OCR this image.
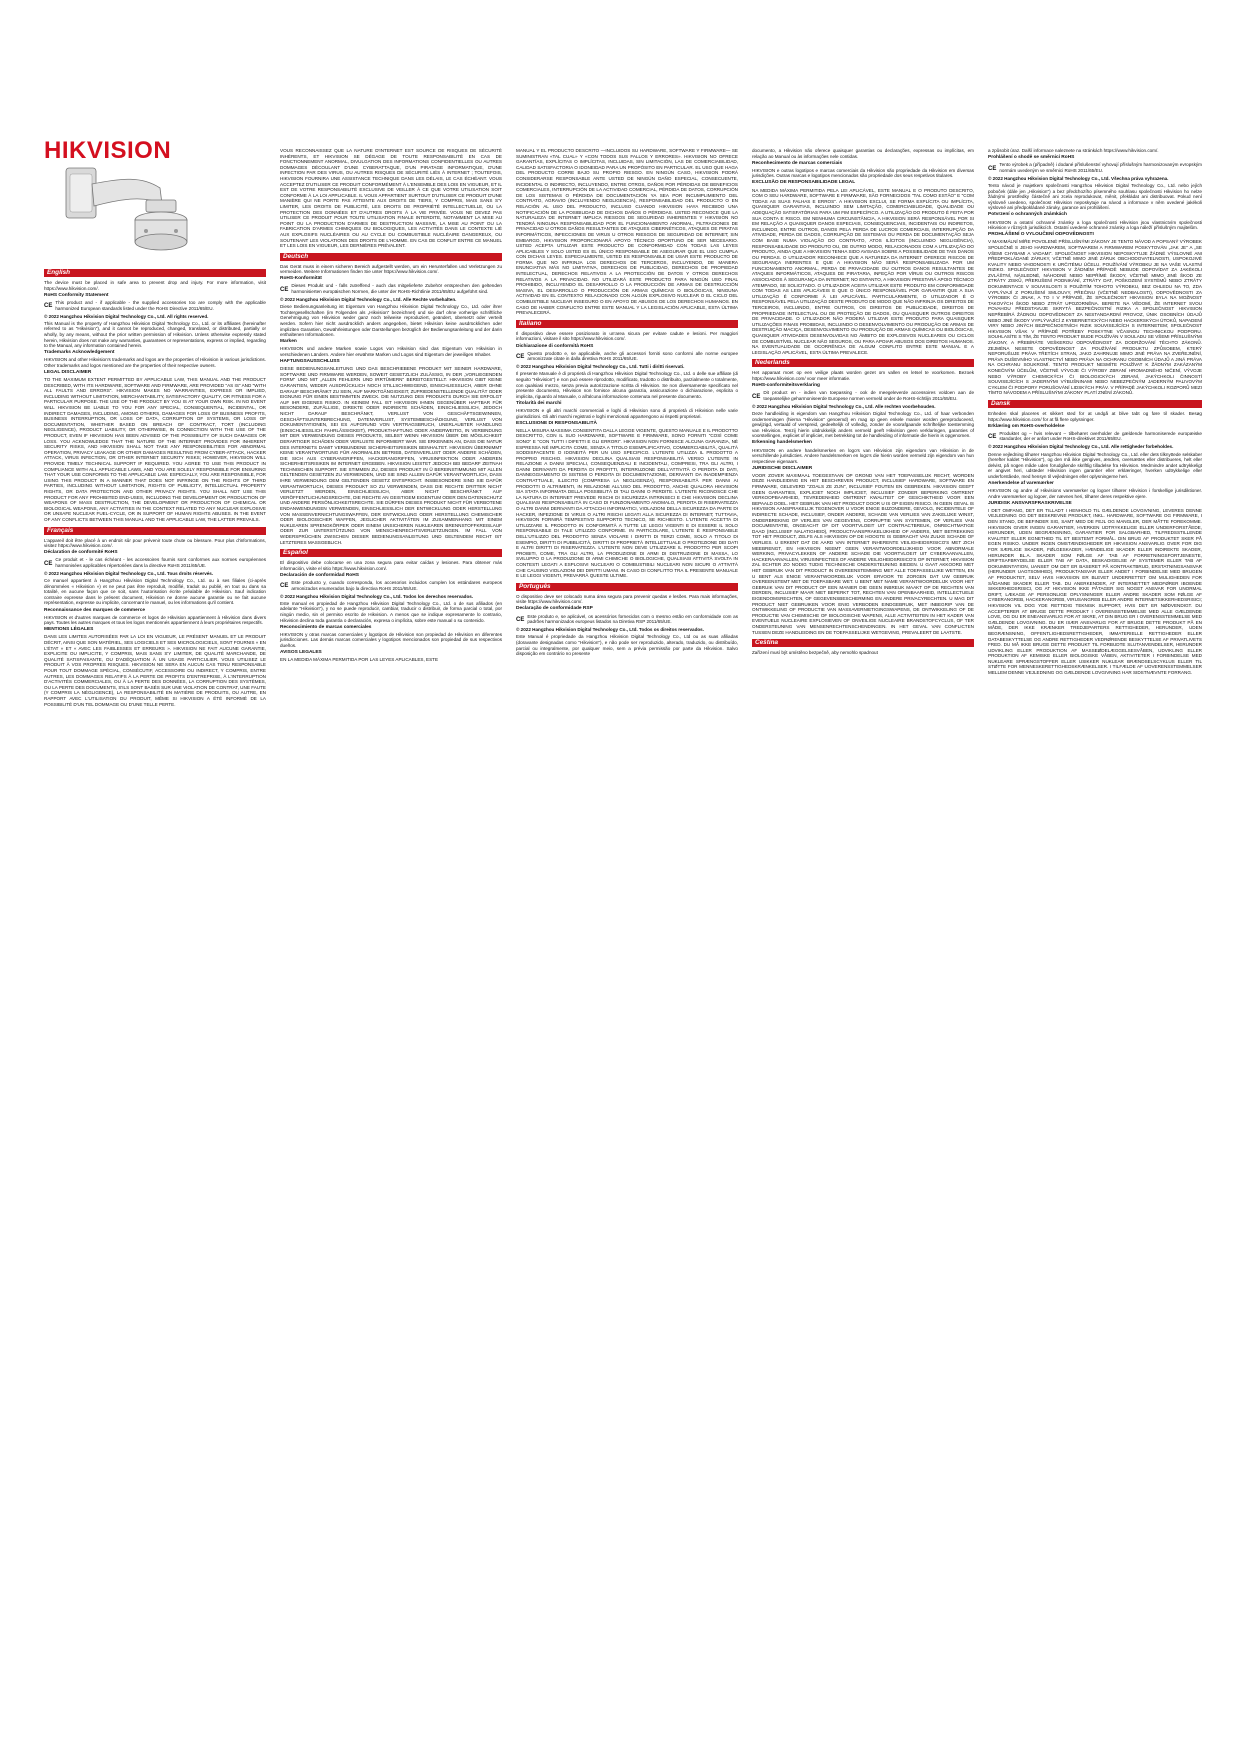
HIKVISION
English

The device must be placed in safe area to prevent drop and injury. For more information, visit https://www.hikvision.com/.

RoHS Conformity Statement

CE

This product and - if applicable - the supplied accessories too are comply with the applicable harmonized European standards listed under the RoHS Directive 2011/65/EU.

© 2022 Hangzhou Hikvision Digital Technology Co., Ltd. All rights reserved.

This Manual is the property of Hangzhou Hikvision Digital Technology Co., Ltd. or its affiliates (hereinafter referred to as "Hikvision"), and it cannot be reproduced, changed, translated, or distributed, partially or wholly, by any means, without the prior written permission of Hikvision. Unless otherwise expressly stated herein, Hikvision does not make any warranties, guarantees or representations, express or implied, regarding to the Manual, any information contained herein.

Trademarks Acknowledgement

HIKVISION and other Hikvision's trademarks and logos are the properties of Hikvision in various jurisdictions. Other trademarks and logos mentioned are the properties of their respective owners.

LEGAL DISCLAIMER

TO THE MAXIMUM EXTENT PERMITTED BY APPLICABLE LAW, THIS MANUAL AND THE PRODUCT DESCRIBED, WITH ITS HARDWARE, SOFTWARE AND FIRMWARE, ARE PROVIDED "AS IS" AND "WITH ALL FAULTS AND ERRORS". HIKVISION MAKES NO WARRANTIES, EXPRESS OR IMPLIED, INCLUDING WITHOUT LIMITATION, MERCHANTABILITY, SATISFACTORY QUALITY, OR FITNESS FOR A PARTICULAR PURPOSE. THE USE OF THE PRODUCT BY YOU IS AT YOUR OWN RISK. IN NO EVENT WILL HIKVISION BE LIABLE TO YOU FOR ANY SPECIAL, CONSEQUENTIAL, INCIDENTAL, OR INDIRECT DAMAGES, INCLUDING, AMONG OTHERS, DAMAGES FOR LOSS OF BUSINESS PROFITS, BUSINESS INTERRUPTION, OR LOSS OF DATA, CORRUPTION OF SYSTEMS, OR LOSS OF DOCUMENTATION, WHETHER BASED ON BREACH OF CONTRACT, TORT (INCLUDING NEGLIGENCE), PRODUCT LIABILITY, OR OTHERWISE, IN CONNECTION WITH THE USE OF THE PRODUCT, EVEN IF HIKVISION HAS BEEN ADVISED OF THE POSSIBILITY OF SUCH DAMAGES OR LOSS. YOU ACKNOWLEDGE THAT THE NATURE OF THE INTERNET PROVIDES FOR INHERENT SECURITY RISKS, AND HIKVISION SHALL NOT TAKE ANY RESPONSIBILITIES FOR ABNORMAL OPERATION, PRIVACY LEAKAGE OR OTHER DAMAGES RESULTING FROM CYBER-ATTACK, HACKER ATTACK, VIRUS INFECTION, OR OTHER INTERNET SECURITY RISKS; HOWEVER, HIKVISION WILL PROVIDE TIMELY TECHNICAL SUPPORT IF REQUIRED. YOU AGREE TO USE THIS PRODUCT IN COMPLIANCE WITH ALL APPLICABLE LAWS, AND YOU ARE SOLELY RESPONSIBLE FOR ENSURING THAT YOUR USE CONFORMS TO THE APPLICABLE LAW. ESPECIALLY, YOU ARE RESPONSIBLE, FOR USING THIS PRODUCT IN A MANNER THAT DOES NOT INFRINGE ON THE RIGHTS OF THIRD PARTIES, INCLUDING WITHOUT LIMITATION, RIGHTS OF PUBLICITY, INTELLECTUAL PROPERTY RIGHTS, OR DATA PROTECTION AND OTHER PRIVACY RIGHTS. YOU SHALL NOT USE THIS PRODUCT FOR ANY PROHIBITED END-USES, INCLUDING THE DEVELOPMENT OR PRODUCTION OF WEAPONS OF MASS DESTRUCTION, THE DEVELOPMENT OR PRODUCTION OF CHEMICAL OR BIOLOGICAL WEAPONS, ANY ACTIVITIES IN THE CONTEXT RELATED TO ANY NUCLEAR EXPLOSIVE OR UNSAFE NUCLEAR FUEL-CYCLE, OR IN SUPPORT OF HUMAN RIGHTS ABUSES. IN THE EVENT OF ANY CONFLICTS BETWEEN THIS MANUAL AND THE APPLICABLE LAW, THE LATTER PREVAILS.

Français

L'appareil doit être placé à un endroit sûr pour prévenir toute chute ou blessure. Pour plus d'informations, visitez https://www.hikvision.com/.

Déclaration de conformité RoHS

CE

Ce produit et - le cas échéant - les accessoires fournis sont conformes aux normes européennes harmonisées applicables répertoriées dans la directive RoHS 2011/65/UE.

© 2022 Hangzhou Hikvision Digital Technology Co., Ltd. Tous droits réservés.

Ce manuel appartient à Hangzhou Hikvision Digital Technology Co., Ltd. ou à ses filiales (ci-après dénommées « Hikvision ») et ne peut pas être reproduit, modifié, traduit ou publié, en tout ou dans sa totalité, en aucune façon que ce soit, sans l'autorisation écrite préalable de Hikvision. Sauf indication contraire expresse dans le présent document, Hikvision ne donne aucune garantie ou ne fait aucune représentation, expresse ou implicite, concernant le manuel, ou les informations qu'il contient.

Reconnaissance des marques de commerce

HIKVISION et d'autres marques de commerce et logos de Hikvision appartiennent à Hikvision dans divers pays. Toutes les autres marques et tous les logos mentionnés appartiennent à leurs propriétaires respectifs.

MENTIONS LÉGALES

DANS LES LIMITES AUTORISÉES PAR LA LOI EN VIGUEUR, LE PRÉSENT MANUEL ET LE PRODUIT DÉCRIT, AINSI QUE SON MATÉRIEL, SES LOGICIELS ET SES MICROLOGICIELS, SONT FOURNIS « EN L'ÉTAT » ET « AVEC LES FAIBLESSES ET ERREURS ». HIKVISION NE FAIT AUCUNE GARANTIE, EXPLICITE OU IMPLICITE, Y COMPRIS, MAIS SANS S'Y LIMITER, DE QUALITÉ MARCHANDE, DE QUALITÉ SATISFAISANTE, OU D'ADÉQUATION À UN USAGE PARTICULIER. VOUS UTILISEZ LE PRODUIT À VOS PROPRES RISQUES. HIKVISION NE SERA EN AUCUN CAS TENU RESPONSABLE POUR TOUT DOMMAGE SPÉCIAL, CONSÉCUTIF, ACCESSOIRE OU INDIRECT, Y COMPRIS, ENTRE AUTRES, LES DOMMAGES RELATIFS À LA PERTE DE PROFITS D'ENTREPRISE, À L'INTERRUPTION D'ACTIVITÉS COMMERCIALES, OU À LA PERTE DES DONNÉES, LA CORRUPTION DES SYSTÈMES, OU LA PERTE DES DOCUMENTS, S'ILS SONT BASÉS SUR UNE VIOLATION DE CONTRAT, UNE FAUTE (Y COMPRIS LA NÉGLIGENCE), LA RESPONSABILITÉ EN MATIÈRE DE PRODUITS, OU AUTRE, EN RAPPORT AVEC L'UTILISATION DU PRODUIT, MÊME SI HIKVISION A ÉTÉ INFORMÉ DE LA POSSIBILITÉ D'UN TEL DOMMAGE OU D'UNE TELLE PERTE.

VOUS RECONNAISSEZ QUE LA NATURE D'INTERNET EST SOURCE DE RISQUES DE SÉCURITÉ INHÉRENTS, ET HIKVISION SE DÉGAGE DE TOUTE RESPONSABILITÉ EN CAS DE FONCTIONNEMENT ANORMAL, DIVULGATION DES INFORMATIONS CONFIDENTIELLES OU AUTRES DOMMAGES DÉCOULANT D'UNE CYBERATTAQUE, D'UN PIRATAGE INFORMATIQUE, D'UNE INFECTION PAR DES VIRUS, OU AUTRES RISQUES DE SÉCURITÉ LIÉS À INTERNET ; TOUTEFOIS, HIKVISION FOURNIRA UNE ASSISTANCE TECHNIQUE DANS LES DÉLAIS, LE CAS ÉCHÉANT. VOUS ACCEPTEZ D'UTILISER CE PRODUIT CONFORMÉMENT À L'ENSEMBLE DES LOIS EN VIGUEUR, ET IL EST DE VOTRE RESPONSABILITÉ EXCLUSIVE DE VEILLER À CE QUE VOTRE UTILISATION SOIT CONFORME À LA LOI APPLICABLE. IL VOUS APPARTIENT SURTOUT D'UTILISER CE PRODUIT D'UNE MANIÈRE QUI NE PORTE PAS ATTEINTE AUX DROITS DE TIERS, Y COMPRIS, MAIS SANS S'Y LIMITER, LES DROITS DE PUBLICITÉ, LES DROITS DE PROPRIÉTÉ INTELLECTUELLE, OU LA PROTECTION DES DONNÉES ET D'AUTRES DROITS À LA VIE PRIVÉE. VOUS NE DEVEZ PAS UTILISER CE PRODUIT POUR TOUTE UTILISATION FINALE INTERDITE, NOTAMMENT LA MISE AU POINT OU LA PRODUCTION D'ARMES DE DESTRUCTION MASSIVE, LA MISE AU POINT OU LA FABRICATION D'ARMES CHIMIQUES OU BIOLOGIQUES, LES ACTIVITÉS DANS LE CONTEXTE LIÉ AUX EXPLOSIFS NUCLÉAIRES OU AU CYCLE DU COMBUSTIBLE NUCLÉAIRE DANGEREUX, OU SOUTENANT LES VIOLATIONS DES DROITS DE L'HOMME. EN CAS DE CONFLIT ENTRE CE MANUEL ET LES LOIS EN VIGUEUR, LES DERNIÈRES PRÉVALENT.

Deutsch

Das Gerät muss in einem sicheren Bereich aufgestellt werden, um ein Herunterfallen und Verletzungen zu vermeiden. Weitere Informationen finden Sie unter https://www.hikvision.com/.

RoHS-Konformität

CE

Dieses Produkt und - falls zutreffend - auch das mitgelieferte Zubehör entsprechen den geltenden harmonisierten europäischen Normen, die unter der RoHS-Richtlinie 2011/65/EU aufgeführt sind.

© 2022 Hangzhou Hikvision Digital Technology Co., Ltd. Alle Rechte vorbehalten.

Diese Bedienungsanleitung ist Eigentum von Hangzhou Hikvision Digital Technology Co., Ltd. oder ihrer Tochtergesellschaften (im Folgenden als „Hikvision" bezeichnet) und sie darf ohne vorherige schriftliche Genehmigung von Hikvision weder ganz noch teilweise reproduziert, geändert, übersetzt oder verteilt werden. Sofern hier nicht ausdrücklich anders angegeben, bietet Hikvision keine ausdrücklichen oder impliziten Garantien, Gewährleistungen oder Darstellungen bezüglich der Bedienungsanleitung und der darin enthaltenen Informationen.

Marken

HIKVISION und andere Marken sowie Logos von Hikvision sind das Eigentum von Hikvision in verschiedenen Ländern. Andere hier erwähnte Marken und Logos sind Eigentum der jeweiligen Inhaber.

HAFTUNGSAUSSCHLUSS

DIESE BEDIENUNGSANLEITUNG UND DAS BESCHRIEBENE PRODUKT MIT SEINER HARDWARE, SOFTWARE UND FIRMWARE WERDEN, SOWEIT GESETZLICH ZULÄSSIG, IN DER „VORLIEGENDEN FORM" UND MIT „ALLEN FEHLERN UND IRRTÜMERN" BEREITGESTELLT. HIKVISION GIBT KEINE GARANTIEN, WEDER AUSDRÜCKLICH NOCH STILLSCHWEIGEND, EINSCHLIESSLICH, ABER OHNE DARAUF BESCHRÄNKT ZU SEIN, AUF MARKTGÄNGIGKEIT, ZUFRIEDENSTELLENDE QUALITÄT ODER EIGNUNG FÜR EINEN BESTIMMTEN ZWECK. DIE NUTZUNG DES PRODUKTS DURCH SIE ERFOLGT AUF IHR EIGENES RISIKO. IN KEINEM FALL IST HIKVISION IHNEN GEGENÜBER HAFTBAR FÜR BESONDERE, ZUFÄLLIGE, DIREKTE ODER INDIREKTE SCHÄDEN, EINSCHLIESSLICH, JEDOCH NICHT DARAUF BESCHRÄNKT, VERLUST VON GESCHÄFTSGEWINNEN, GESCHÄFTSUNTERBRECHUNG, DATENVERLUST, SYSTEMBESCHÄDIGUNG, VERLUST VON DOKUMENTATIONEN, SEI ES AUFGRUND VON VERTRAGSBRUCH, UNERLAUBTER HANDLUNG (EINSCHLIESSLICH FAHRLÄSSIGKEIT), PRODUKTHAFTUNG ODER ANDERWEITIG, IN VERBINDUNG MIT DER VERWENDUNG DIESES PRODUKTS, SELBST WENN HIKVISION ÜBER DIE MÖGLICHKEIT DERARTIGER SCHÄDEN ODER VERLUSTE INFORMIERT WAR. SIE ERKENNEN AN, DASS DIE NATUR DES INTERNETS DAMIT VERBUNDENE SICHERHEITSRISIKEN BEINHALTET. HIKVISION ÜBERNIMMT KEINE VERANTWORTUNG FÜR ANORMALEN BETRIEB, DATENVERLUST ODER ANDERE SCHÄDEN, DIE SICH AUS CYBERANGRIFFEN, HACKERANGRIFFEN, VIRUSINFEKTION ODER ANDEREN SICHERHEITSRISIKEN IM INTERNET ERGEBEN. HIKVISION LEISTET JEDOCH BEI BEDARF ZEITNAH TECHNISCHEN SUPPORT. SIE STIMMEN ZU, DIESES PRODUKT IN Ü BEREINSTIMMUNG MIT ALLEN GELTENDEN GESETZEN ZU VERWENDEN, UND SIE SIND ALLEIN DAFÜR VERANTWORTLICH, DASS IHRE VERWENDUNG DEM GELTENDEN GESETZ ENTSPRICHT. INSBESONDERE SIND SIE DAFÜR VERANTWORTLICH, DIESES PRODUKT SO ZU VERWENDEN, DASS DIE RECHTE DRITTER NICHT VERLETZT WERDEN, EINSCHLIESSLICH, ABER NICHT BESCHRÄNKT AUF VERÖFFENTLICHUNGSRECHTE, DIE RECHTE AN GEISTIGEM EIGENTUM ODER DEN DATENSCHUTZ UND ANDERE PERSÖNLICHKEITSRECHTE. SIE DÜRFEN DIESES PRODUKT NICHT FÜR VERBOTENE ENDANWENDUNGEN VERWENDEN, EINSCHLIESSLICH DER ENTWICKLUNG ODER HERSTELLUNG VON MASSENVERNICHTUNGSWAFFEN, DER ENTWICKLUNG ODER HERSTELLUNG CHEMISCHER ODER BIOLOGISCHER WAFFEN, JEGLICHER AKTIVITÄTEN IM ZUSAMMENHANG MIT EINEM NUKLEAREN SPRENGKÖRPER ODER EINEM UNSICHEREN NUKLEAREN BRENNSTOFFKREISLAUF ODER ZUR UNTERSTÜTZUNG VON MENSCHENRECHTSVERLETZUNGEN. IM FALL VON WIDERSPRÜCHEN ZWISCHEN DIESER BEDIENUNGSANLEITUNG UND GELTENDEM RECHT IST LETZTERES MASSGEBLICH.

Español

El dispositivo debe colocarse en una zona segura para evitar caídas y lesiones. Para obtener más información, visite el sitio https://www.hikvision.com/.

Declaración de conformidad RoHS

CE

Este producto y, cuando corresponda, los accesorios incluidos cumplen los estándares europeos armonizados enumerados bajo la directiva RoHS 2011/65/UE.

© 2022 Hangzhou Hikvision Digital Technology Co., Ltd. Todos los derechos reservados.

Este manual es propiedad de Hangzhou Hikvision Digital Technology Co., Ltd. o de sus afiliados (en adelante "Hikvision"), y no se puede reproducir, cambiar, traducir o distribuir, de forma parcial o total, por ningún medio, sin el permiso escrito de Hikvision. A menos que se indique expresamente lo contrario, Hikvision declina toda garantía o declaración, expresa o implícita, sobre este manual o su contenido.

Reconocimiento de marcas comerciales

HIKVISION y otras marcas comerciales y logotipos de Hikvision son propiedad de Hikvision en diferentes jurisdicciones. Las demás marcas comerciales y logotipos mencionados son propiedad de sus respectivos dueños.

AVISOS LEGALES

EN LA MEDIDA MÁXIMA PERMITIDA POR LAS LEYES APLICABLES, ESTE

MANUAL Y EL PRODUCTO DESCRITO —INCLUIDOS SU HARDWARE, SOFTWARE Y FIRMWARE— SE SUMINISTRAN «TAL CUAL» Y «CON TODOS SUS FALLOS Y ERRORES». HIKVISION NO OFRECE GARANTÍAS, EXPLÍCITAS O IMPLÍCITAS, INCLUIDAS, SIN LIMITACIÓN, LAS DE COMERCIABILIDAD, CALIDAD SATISFACTORIA O IDONEIDAD PARA UN PROPÓSITO EN PARTICULAR. EL USO QUE HAGA DEL PRODUCTO CORRE BAJO SU PROPIO RIESGO. EN NINGÚN CASO, HIKVISION PODRÁ CONSIDERARSE RESPONSABLE ANTE USTED DE NINGÚN DAÑO ESPECIAL, CONSECUENTE, INCIDENTAL O INDIRECTO, INCLUYENDO, ENTRE OTROS, DAÑOS POR PÉRDIDAS DE BENEFICIOS COMERCIALES, INTERRUPCIÓN DE LA ACTIVIDAD COMERCIAL, PÉRDIDA DE DATOS, CORRUPCIÓN DE LOS SISTEMAS O PÉRDIDA DE DOCUMENTACIÓN YA SEA POR INCUMPLIMIENTO DEL CONTRATO, AGRAVIO (INCLUYENDO NEGLIGENCIA), RESPONSABILIDAD DEL PRODUCTO O EN RELACIÓN AL USO DEL PRODUCTO, INCLUSO CUANDO HIKVISION HAYA RECIBIDO UNA NOTIFICACIÓN DE LA POSIBILIDAD DE DICHOS DAÑOS O PÉRDIDAS. USTED RECONOCE QUE LA NATURALEZA DE INTERNET IMPLICA RIESGOS DE SEGURIDAD INHERENTES Y HIKVISION NO TENDRÁ NINGUNA RESPONSABILIDAD POR EL FUNCIONAMIENTO ANORMAL, FILTRACIONES DE PRIVACIDAD U OTROS DAÑOS RESULTANTES DE ATAQUES CIBERNÉTICOS, ATAQUES DE PIRATAS INFORMÁTICOS, INFECCIONES DE VIRUS U OTROS RIESGOS DE SEGURIDAD DE INTERNET; SIN EMBARGO, HIKVISION PROPORCIONARÁ APOYO TÉCNICO OPORTUNO DE SER NECESARIO. USTED ACEPTA UTILIZAR ESTE PRODUCTO DE CONFORMIDAD CON TODAS LAS LEYES APLICABLES Y SOLO USTED ES EL ÚNICO RESPONSABLE DE ASEGURAR QUE EL USO CUMPLA CON DICHAS LEYES. ESPECIALMENTE, USTED ES RESPONSABLE DE USAR ESTE PRODUCTO DE FORMA QUE NO INFRINJA LOS DERECHOS DE TERCEROS, INCLUYENDO, DE MANERA ENUNCIATIVA MÁS NO LIMITATIVA, DERECHOS DE PUBLICIDAD, DERECHOS DE PROPIEDAD INTELECTUAL, DERECHOS RELATIVOS A LA PROTECCIÓN DE DATOS Y OTROS DERECHOS RELATIVOS A LA PRIVACIDAD. NO UTILIZARÁ ESTE PRODUCTO PARA NINGÚN USO FINAL PROHIBIDO, INCLUYENDO EL DESARROLLO O LA PRODUCCIÓN DE ARMAS DE DESTRUCCIÓN MASIVA, EL DESARROLLO O PRODUCCIÓN DE ARMAS QUÍMICAS O BIOLÓGICAS, NINGUNA ACTIVIDAD EN EL CONTEXTO RELACIONADO CON ALGÚN EXPLOSIVO NUCLEAR O EL CICLO DEL COMBUSTIBLE NUCLEAR INSEGURO O EN APOYO DE ABUSOS DE LOS DERECHOS HUMANOS. EN CASO DE HABER CONFLICTO ENTRE ESTE MANUAL Y LA LEGISLACIÓN APLICABLE, ESTA ÚLTIMA PREVALECERÁ.

Italiano

Il dispositivo deve essere posizionato in un'area sicura per evitare cadute e lesioni. Per maggiori informazioni, visitare il sito https://www.hikvision.com/.

Dichiarazione di conformità RoHS

CE

Questo prodotto e, se applicabile, anche gli accessori forniti sono conformi alle norme europee armonizzate citate in dalla direttiva RoHS 2011/65/UE.

© 2022 Hangzhou Hikvision Digital Technology Co., Ltd. Tutti i diritti riservati.

Il presente Manuale è di proprietà di Hangzhou Hikvision Digital Technology Co., Ltd. o delle sue affiliate (di seguito "Hikvision") e non può essere riprodotto, modificato, tradotto o distribuito, parzialmente o totalmente, con qualsiasi mezzo, senza previa autorizzazione scritta di Hikvision. Se non diversamente specificato nel presente documento, Hikvision non fornisce alcuna garanzia, assicurazione o dichiarazione, esplicita o implicita, riguardo al Manuale, o all'alcuna informazione contenuta nel presente documento.

Titolarità dei marchi

HIKVISION e gli altri marchi commerciali e loghi di Hikvision sono di proprietà di Hikvision nelle varie giurisdizioni. Gli altri marchi registrati e loghi menzionati appartengono ai rispetti proprietari.

ESCLUSIONE DI RESPONSABILITÀ

NELLA MISURA MASSIMA CONSENTITA DALLA LEGGE VIGENTE, QUESTO MANUALE E IL PRODOTTO DESCRITTO, CON IL SUO HARDWARE, SOFTWARE E FIRMWARE, SONO FORNITI "COSÌ COME SONO" E "CON TUTTI I DIFETTI E GLI ERRORI". HIKVISION NON FORNISCE ALCUNA GARANZIA, NÉ ESPRESSA NÉ IMPLICITA COME, SENZA A TITOLO ESEMPLIFICATIVO, COMMERCIABILITÀ, QUALITÀ SODDISFACENTE O IDONEITÀ PER UN USO SPECIFICO. L'UTENTE UTILIZZA IL PRODOTTO A PROPRIO RISCHIO. HIKVISION DECLINA QUALSIASI RESPONSABILITÀ VERSO L'UTENTE IN RELAZIONE A DANNI SPECIALI, CONSEQUENZIALI E INCIDENTALI, COMPRESI, TRA GLI ALTRI, I DANNI DERIVANTI DA PERDITA DI PROFITTI, INTERRUZIONE DELL'ATTIVITÀ O PERDITA DI DATI, DANNEGGIAMENTO DI SISTEMI O PERDITA DI DOCUMENTAZIONE, DERIVANTI DA INADEMPIENZA CONTRATTUALE, ILLECITO (COMPRESA LA NEGLIGENZA), RESPONSABILITÀ PER DANNI AI PRODOTTI O ALTRIMENTI, IN RELAZIONE ALL'USO DEL PRODOTTO, ANCHE QUALORA HIKVISION SIA STATA INFORMATA DELLA POSSIBILITÀ DI TALI DANNI O PERDITE. L'UTENTE RICONOSCE CHE LA NATURA DI INTERNET PREVEDE RISCHI DI SICUREZZA INTRINSECI E CHE HIKVISION DECLINA QUALSIASI RESPONSABILITÀ IN CASO DI FUNZIONAMENTO ANOMALO, PERDITA DI RISERVATEZZA O ALTRI DANNI DERIVANTI DA ATTACCHI INFORMATICI, VIOLAZIONI DELLA SICUREZZA DA PARTE DI HACKER, INFEZIONE DI VIRUS O ALTRI RISCHI LEGATI ALLA SICUREZZA DI INTERNET; TUTTAVIA, HIKVISION FORNIRÀ TEMPESTIVO SUPPORTO TECNICO, SE RICHIESTO. L'UTENTE ACCETTA DI UTILIZZARE IL PRODOTTO IN CONFORMITÀ A TUTTE LE LEGGI VIGENTI E DI ESSERE IL SOLO RESPONSABILE DI TALE UTILIZZO CONFORME. IN PARTICOLARE, L'UTENTE È RESPONSABILE DELL'UTILIZZO DEL PRODOTTO SENZA VIOLARE I DIRITTI DI TERZI COME, SOLO A TITOLO DI ESEMPIO, DIRITTI DI PUBBLICITÀ, DIRITTI DI PROPRIETÀ INTELLETTUALE O PROTEZIONE DEI DATI E ALTRI DIRITTI DI RISERVATEZZA. L'UTENTE NON DEVE UTILIZZARE IL PRODOTTO PER SCOPI PROIBITI, COME, TRA GLI ALTRI, LA PRODUZIONE DI ARMI DI DISTRUZIONE DI MASSA, LO SVILUPPO O LA PRODUZIONE DI ARMI CHIMICHE O BIOLOGICHE, QUALSIASI ATTIVITÀ SVOLTA IN CONTESTI LEGATI A ESPLOSIVI NUCLEARI O COMBUSTIBILI NUCLEARI NON SICURI O ATTIVITÀ CHE CAUSINO VIOLAZIONI DEI DIRITTI UMANI. IN CASO DI CONFLITTO TRA IL PRESENTE MANUALE E LE LEGGI VIGENTI, PREVARRÀ QUESTE ULTIME.

Português

O dispositivo deve ser colocado numa área segura para prevenir quedas e lesões. Para mais informações, visite https://www.hikvision.com/.

Declaração de conformidade RSP

CE

Este produto e, se aplicável, os acessórios fornecidos com o mesmo estão em conformidade com as padrões harmonizados europeus listados na Diretiva RSP 2011/65/UE.

© 2022 Hangzhou Hikvision Digital Technology Co., Ltd. Todos os direitos reservados.

Este Manual é propriedade da Hangzhou Hikvision Digital Technology Co., Ltd ou as suas afiliadas (doravante designadas como "Hikvision"), e não pode ser reproduzido, alterado, traduzido, ou distribuído, parcial ou integralmente, por qualquer meio, sem a prévia permissão por parte da Hikvision. Salvo disposição em contrário no presente

documento, a Hikvision não oferece quaisquer garantias ou declarações, expressas ou implícitas, em relação ao Manual ou às informações nele contidas.

Reconhecimento de marcas comerciais

HIKVISION e outras logotipos e marcas comerciais da Hikvision são propriedade da Hikvision em diversas jurisdições. Outras marcas e logotipos mencionados são propriedade dos seus respetivos titulares.

EXCLUSÃO DE RESPONSABILIDADE LEGAL

NA MEDIDA MÁXIMA PERMITIDA PELA LEI APLICÁVEL, ESTE MANUAL E O PRODUTO DESCRITO, COM O SEU HARDWARE, SOFTWARE E FIRMWARE, SÃO FORNECIDOS "TAL COMO ESTÃO" E "COM TODAS AS SUAS FALHAS E ERROS". A HIKVISION EXCLUI, SE FORMA EXPLÍCITA OU IMPLÍCITA, QUAISQUER GARANTIAS, INCLUINDO SEM LIMITAÇÃO, COMERCIABILIDADE, QUALIDADE OU ADEQUAÇÃO SATISFATÓRIAS PARA UM FIM ESPECÍFICO. A UTILIZAÇÃO DO PRODUTO É FEITA POR SUA CONTA E RISCO. EM NENHUMA CIRCUNSTÂNCIA, A HIKVISION SERÁ RESPONSÁVEL POR SI EM RELAÇÃO A QUAISQUER DANOS ESPECIAIS, CONSEQUENCIAIS, INCIDENTAIS OU INDIRETOS, INCLUINDO, ENTRE OUTROS, DANOS PELA PERDA DE LUCROS COMERCIAIS, INTERRUPÇÃO DA ATIVIDADE, PERDA DE DADOS, CORRUPÇÃO DE SISTEMAS OU PERDA DE DOCUMENTAÇÃO SEJA COM BASE NUMA VIOLAÇÃO DO CONTRATO, ATOS ILÍCITOS (INCLUINDO NEGLIGÊNCIA), RESPONSABILIDADE DO PRODUTO OU, DE OUTRO MODO, RELACIONADOS COM A UTILIZAÇÃO DO PRODUTO, AINDA QUE A HIKVISION TENHA SIDO AVISADA SOBRE A POSSIBILIDADE DE TAIS DANOS OU PERDAS. O UTILIZADOR RECONHECE QUE A NATUREZA DA INTERNET OFERECE RISCOS DE SEGURANÇA INERENTES E QUE A HIKVISION NÃO SERÁ RESPONSABILIZADA POR UM FUNCIONAMENTO ANORMAL, PERDA DE PRIVACIDADE OU OUTROS DANOS RESULTANTES DE ATAQUES INFORMÁTICOS, ATAQUES DE PIRATARIA, INFEÇÃO POR VÍRUS OU OUTROS RISCOS ASSOCIADOS À SEGURANÇA DA INTERNET; NO ENTANTO, A HIKVISION PRESTARÁ APOIO TÉCNICO ATEMPADO, SE SOLICITADO. O UTILIZADOR ACEITA UTILIZAR ESTE PRODUTO EM CONFORMIDADE COM TODAS AS LEIS APLICÁVEIS E QUE O ÚNICO RESPONSÁVEL POR GARANTIR QUE A SUA UTILIZAÇÃO É CONFORME À LEI APLICÁVEL. PARTICULARMENTE, O UTILIZADOR É O RESPONSÁVEL PELA UTILIZAÇÃO DESTE PRODUTO DE MODO QUE NÃO INFRINJA OS DIREITOS DE TERCEIROS, INCLUINDO, ENTRE OUTROS, OS DIREITOS DE PUBLICIDADE, DIREITOS DE PROPRIEDADE INTELECTUAL OU DE PROTEÇÃO DE DADOS, OU QUAISQUER OUTROS DIREITOS DE PRIVACIDADE. O UTILIZADOR NÃO PODERÁ UTILIZAR ESTE PRODUTO PARA QUAISQUER UTILIZAÇÕES FINAIS PROIBIDAS, INCLUINDO O DESENVOLVIMENTO OU PRODUÇÃO DE ARMAS DE DESTRUIÇÃO MACIÇA, DESENVOLVIMENTO OU PRODUÇÃO DE ARMAS QUÍMICAS OU BIOLÓGICAS, QUAISQUER ATIVIDADES DESENVOLVIDAS NO ÂMBITO DE EXPLOSIVOS NUCLEARES OU CICLOS DE COMBUSTÍVEL NUCLEAR NÃO SEGUROS, OU PARA APOIAR ABUSOS DOS DIREITOS HUMANOS. NA EVENTUALIDADE DE OCORRÊNCIA DE ALGUM CONFLITO ENTRE ESTE MANUAL E A LEGISLAÇÃO APLICÁVEL, ESTA ÚLTIMA PREVALECE.

Nederlands

Het apparaat moet op een veilige plaats worden gezet om vallen en letsel te voorkomen. Bezoek https://www.hikvision.com/ voor meer informatie.

RoHS-conformiteitsverklaring

CE

Dit product en - indien van toepassing - ook de meegeleverde accessoires voldoen aan de toepasselijke geharmoniseerde Europese normen vermeld onder de RoHS-richtlijn 2011/65/EU.

© 2022 Hangzhou Hikvision Digital Technology Co., Ltd. Alle rechten voorbehouden.

Deze handleiding is eigendom van Hangzhou Hikvision Digital Technology Co., Ltd. of haar verbonden ondernemingen (hierna "Hikvision" genoemd) en mag op geen enkele manier worden gereproduceerd, gewijzigd, vertaald of verspreid, gedeeltelijk of volledig, zonder de voorafgaande schriftelijke toestemming van Hikvision. Tenzij hierin uitdrukkelijk anders vermeld geeft Hikvision geen verklaringen, garanties of voorstellingen, expliciet of impliciet, met betrekking tot de handleiding of informatie die hierin is opgenomen.

Erkenning handelsmerken

HIKVISION en andere handelsmerken en logo's van Hikvision zijn eigendom van Hikvision in de verschillende jurisdicties. Andere handelsmerken en logo's die hierin worden vermeld zijn eigendom van hun respectieve eigenaars.

JURIDISCHE DISCLAIMER

VOOR ZOVER MAXIMAAL TOEGESTAAN OP GROND VAN HET TOEPASSELIJK RECHT, WORDEN DEZE HANDLEIDING EN HET BESCHREVEN PRODUCT, INCLUSIEF HARDWARE, SOFTWARE EN FIRMWARE, GELEVERD "ZOALS ZE ZIJN", INCLUSIEF FOUTEN EN GEBREKEN. HIKVISION GEEFT GEEN GARANTIES, EXPLICIET NOCH IMPLICIET, INCLUSIEF ZONDER BEPERKING OMTRENT VERKOOPBAARHEID, TEVREDENHEID OMTRENT KWALITEIT OF GESCHIKTHEID VOOR EEN BEPAALD DOEL. HET GEBRUIK VAN HET PRODUCT DOOR U IS OP EIGEN RISICO. IN GEEN GEVAL IS HIKVISION AANSPRAKELIJK TEGENOVER U VOOR ENIGE BIJZONDERE, GEVOLG, INCIDENTELE OF INDIRECTE SCHADE, INCLUSIEF, ONDER ANDERE, SCHADE VAN VERLIES VAN ZAKELIJKE WINST, ONDERBREKING OF VERLIES VAN GEGEVENS, CORRUPTIE VAN SYSTEMEN, OF VERLIES VAN DOCUMENTATIE, ONGEACHT OF DIT VOORTVLOEIT UIT CONTRACTBREUK, ONRECHTMATIGE DAAD (INCLUSIEF NALATIGHEID), PRODUCTAANSPRAKELIJKHEID OF ANDERS, MET BETREKKING TOT HET PRODUCT, ZELFS ALS HIKVISION OP DE HOOGTE IS GEBRACHT VAN ZULKE SCHADE OF VERLIES. U ERKENT DAT DE AARD VAN INTERNET INHERENTE VEILIGHEIDSRISICO'S MET ZICH MEEBRENGT, EN HIKVISION NEEMT GEEN VERANTWOORDELIJKHEID VOOR ABNORMALE WERKING, PRIVACYLEKKEN OF ANDERE SCHADE DIE VOORTVLOEIT UIT CYBERAANVALLEN, HACKERAANVALLEN, VIRUSINFECTIES OF ANDERE VEILIGHEIDSRISICO'S OP INTERNET; HIKVISION ZAL ECHTER ZO NODIG TIJDIG TECHNISCHE ONDERSTEUNING BIEDEN. U GAAT AKKOORD MET HET GEBRUIK VAN DIT PRODUCT IN OVEREENSTEMMING MET ALLE TOEPASSELIJKE WETTEN, EN U BENT ALS ENIGE VERANTWOORDELIJK VOOR ERVOOR TE ZORGEN DAT UW GEBRUIK OVEREENSTEMT MET DE TOEPASBARE WET. U BENT MET NAME VERANTWOORDELIJK VOOR HET GEBRUIK VAN DIT PRODUCT OP EEN MANIER DIE GEEN INBREUK MAAKT OP DE RECHTEN VAN DERDEN, INCLUSIEF MAAR NIET BEPERKT TOT, RECHTEN VAN OPENBAARHEID, INTELLECTUELE EIGENDOMSRECHTEN, OF GEGEVENSBESCHERMING EN ANDERE PRIVACYRECHTEN. U MAG DIT PRODUCT NIET GEBRUIKEN VOOR ENIG VERBODEN EINDGEBRUIK, MET INBEGRIP VAN DE ONTWIKKELING OF PRODUCTIE VAN MASSAVERNIETIGINGSWAPENS, DE ONTWIKKELING OF DE PRODUCTIE VAN CHEMISCHE OF BIOLOGISCHE WAPENS, ALLE ACTIVITEITEN IN HET KADER VAN EVENTUELE NUCLEAIRE EXPLOSIEVEN OF ONVEILIGE NUCLEAIRE BRANDSTOFCYCLUS, OF TER ONDERSTEUNING VAN MENSENRECHTENSCHENDINGEN. IN HET GEVAL VAN CONFLICTEN TUSSEN DEZE HANDLEIDING EN DE TOEPASSELIJKE WETGEVING, PREVALEERT DE LAATSTE.

Čeština

Zařízení musí být umístěno bezpečně, aby nemohlo spadnout

a způsobit úraz. Další informace naleznete na stránkách https://www.hikvision.com/.

Prohlášení o shodě se směrnicí RoHS

CE

Tento výrobek a (případně) i dodané příslušenství vyhovují příslušným harmonizovaným evropským normám uvedeným ve směrnici RoHS 2011/65/EU.

© 2022 Hangzhou Hikvision Digital Technology Co., Ltd. Všechna práva vyhrazena.

Tento návod je majetkem společnosti Hangzhou Hikvision Digital Technology Co., Ltd. nebo jejích poboček (dále jen „Hikvision") a bez předchozího písemného souhlasu společnosti Hikvision ho nelze žádnými prostředky částečně ani zcela reprodukovat, měnit, překládat ani distribuovat. Pokud není výslovně uvedeno, společnost Hikvision neposkytuje na návod a informace v něm uvedené jakékoli výslovné ani předpokládané záruky, garance ani prohlášení.

Potvrzení o ochranných známkách

HIKVISION a ostatní ochranné známky a loga společnosti Hikvision jsou vlastnictvím společnosti Hikvision v různých jurisdikcích. Ostatní uvedené ochranné známky a loga náleží příslušným majitelům.

PROHLÁŠENÍ O VYLOUČENÍ ODPOVĚDNOSTI

V MAXIMÁLNÍ MÍŘE POVOLENÉ PŘÍSLUŠNÝMI ZÁKONY JE TENTO NÁVOD A POPSANÝ VÝROBEK SPOLEČNĚ S JEHO HARDWAREM, SOFTWAREM A FIRMWAREM POSKYTOVÁN „JAK JE" A „SE VŠEMI CHYBAMI A VADAMI". SPOLEČNOST HIKVISION NEPOSKYTUJE ŽÁDNÉ VÝSLOVNÉ ANI PŘEDPOKLÁDANÉ ZÁRUKY, VČETNĚ MIMO JINÉ ZÁRUK OBCHODOVATELNOSTI, USPOKOJIVÉ KVALITY NEBO VHODNOSTI K URČITÉMU ÚČELU. POUŽÍVÁNÍ VÝROBKU JE NA VAŠE VLASTNÍ RIZIKO. SPOLEČNOST HIKVISION V ŽÁDNÉM PŘÍPADĚ NEBUDE ODPOVÍDAT ZA JAKÉKOLI ZVLÁŠTNÍ, NÁSLEDNÉ, NÁHODNÉ NEBO NEPŘÍMÉ ŠKODY, VČETNĚ MIMO JINÉ ŠKOD ZE ZTRÁTY ZISKŮ, PŘERUŠENÍ PODNIKÁNÍ, ZTRÁTY DAT, POŠKOZENÍ SYSTÉMŮ NEBO ZTRÁTY DOKUMENTACE V SOUVISLOSTI S POUŽITÍM TOHOTO VÝROBKU, BEZ OHLEDU NA TO, ZDA VYPLÝVAJÍ Z PORUŠENÍ SMLOUVY, PŘEČINU (VČETNĚ NEDBALOSTI), ODPOVĚDNOSTI ZA VÝROBEK ČI JINAK, A TO I V PŘÍPADĚ, ŽE SPOLEČNOST HIKVISION BYLA NA MOŽNOST TAKOVÝCH ŠKOD NEBO ZTRÁT UPOZORNĚNA. BERETE NA VĚDOMÍ, ŽE INTERNET SVOU POVAHOU PŘEDSTAVUJE SKRYTÁ BEZPEČNOSTNÍ RIZIKA A SPOLEČNOST HIKVISION NEPŘEBÍRÁ ŽÁDNOU ODPOVĚDNOST ZA NESTANDARDNÍ PROVOZ, ÚNIK OSOBNÍCH ÚDAJŮ NEBO JINÉ ŠKODY VYPLÝVAJÍCÍ Z KYBERNETICKÝCH NEBO HACKERSKÝCH ÚTOKŮ, NAPADENÍ VIRY NEBO JINÝCH BEZPEČNOSTNÍCH RIZIK SOUVISEJÍCÍCH S INTERNETEM; SPOLEČNOST HIKVISION VŠAK V PŘÍPADĚ POTŘEBY POSKYTNE VČASNOU TECHNICKOU PODPORU. SOUHLASÍTE S TÍM, ŽE TENTO PRODUKT BUDE POUŽÍVÁN V SOULADU SE VŠEMI PŘÍSLUŠNÝMI ZÁKONY, A PŘEBÍRÁTE VEŠKEROU ODPOVĚDNOST ZA DODRŽOVÁNÍ TĚCHTO ZÁKONŮ. ZEJMÉNA NESETE ODPOVĚDNOST ZA POUŽÍVÁNÍ PRODUKTU ZPŮSOBEM, KTERÝ NEPORUŠUJE PRÁVA TŘETÍCH STRAN, JAKO ZAHRNUJE MIMO JINÉ PRÁVA NA ZVEŘEJNĚNÍ, PRÁVA DUŠEVNÍHO VLASTNICTVÍ NEBO PRÁVA NA OCHRANU OSOBNÍCH ÚDAJŮ A JINÁ PRÁVA NA OCHRANU SOUKROMÍ. TENTO PRODUKT NESMÍTE POUŽÍVAT K ŽÁDNÝM ZAKÁZANÝM KONEČNÝM ÚČELŮM, VČETNĚ VÝVOJE ČI VÝROBY ZBRANÍ HROMADNÉHO NIČENÍ, VÝVOJE NEBO VÝROBY CHEMICKÝCH ČI BIOLOGICKÝCH ZBRANÍ, JAKÝCHKOLI ČINNOSTÍ SOUVISEJÍCÍCH S JADERNÝMI VÝBUŠNINAMI NEBO NEBEZPEČNÝM JADERNÝM PALIVOVÝM CYKLEM ČI PODPORY PORUŠOVÁNÍ LIDSKÝCH PRÁV. V PŘÍPADĚ JAKÝCHKOLI ROZPORŮ MEZI TÍMTO NÁVODEM A PŘÍSLUŠNÝMI ZÁKONY PLATÍ ZNĚNÍ ZÁKONŮ.

Dansk

Enheden skal placeres et sikkert sted for at undgå at blive tabt og føre til skader. Besøg https://www.hikvision.com/ for at få flere oplysninger.

Erklæring om RoHS-overholdelse

CE

Produktet og – hvis relevant – tilbehøret overholder de gældende harmoniserede europæiske standarder, der er anført under RoHS-direktivet 2011/65/EU.

© 2022 Hangzhou Hikvision Digital Technology Co., Ltd. Alle rettigheder forbeholdes.

Denne vejledning tilhører Hangzhou Hikvision Digital Technology Co., Ltd. eller dets tilknyttede selskaber (herefter kaldet "Hikvision"), og den må ikke gengives, ændres, oversættes eller distribueres, helt eller delvist, på nogen måde uden forudgående skriftlig tilladelse fra Hikvision. Medmindre andet udtrykkeligt er angivet heri, udsteder Hikvision ingen garantier eller erklæringer, hverken udtrykkelige eller underforståede, med hensyn til vejledningen eller oplysningerne heri.

Anerkendelse af varemærker

HIKVISION og andre af Hikvisions varemærker og logoer tilhører Hikvision i forskellige jurisdiktioner. Andre varemærker og logoer, der nævnes heri, tilhører deres respektive ejere.

JURIDISK ANSVARSFRASKRIVELSE

I DET OMFANG, DET ER TILLADT I HENHOLD TIL GÆLDENDE LOVGIVNING, LEVERES DENNE VEJLEDNING OG DET BESKREVNE PRODUKT, INKL. HARDWARE, SOFTWARE OG FIRMWARE, I DEN STAND, DE BEFINDER SIG, SAMT MED DE FEJL OG MANGLER, DER MÅTTE FOREKOMME. HIKVISION GIVER INGEN GARANTIER, HVERKEN UDTRYKKELIGE ELLER UNDERFORSTÅEDE, HERUNDER, UDEN BEGRÆNSNING, GARANTIER FOR SALGBARHED, TILFREDSSTILLENDE KVALITET ELLER EGNETHED TIL ET BESTEMT FORMÅL. DIN BRUG AF PRODUKTET SKER PÅ EGEN RISIKO. UNDER INGEN OMSTÆNDIGHEDER ER HIKVISION ANSVARLIG OVER FOR DIG FOR SÆRLIGE SKADER, FØLGESKADER, HÆNDELIGE SKADER ELLER INDIREKTE SKADER, HERUNDER BL.A. SKADER SOM FØLGE AF TAB AF FORRETNINGSFORTJENESTE, DRIFTSAFBRYDELSE ELLER TAB AF DATA, BESKADIGELSE AF SYSTEMER ELLER TAB AF DOKUMENTATION, UANSET OM DET ER BASERET PÅ KONTRAKTBRUD, ERSTATNINGSANSVAR (HERUNDER UAGTSOMHED), PRODUKTANSVAR ELLER ANDET I FORBINDELSE MED BRUGEN AF PRODUKTET, SELV HVIS HIKVISION ER BLEVET UNDERRETTET OM MULIGHEDEN FOR SÅDANNE SKADER ELLER TAB. DU ANERKENDER, AT INTERNETTET MEDFØRER IBOENDE SIKKERHEDSRISICI, OG AT HIKVISION IKKE PÅTAGER SIG NOGET ANSVAR FOR UNORMAL DRIFT, LÆKAGE AF PERSONLIGE OPLYSNINGER ELLER ANDRE SKADER SOM FØLGE AF CYBERANGREB, HACKERANGREB, VIRUSANGREB ELLER ANDRE INTERNETSIKKERHEDSRISICI; HIKVISION VIL DOG YDE RETTIDIG TEKNISK SUPPORT, HVIS DET ER NØDVENDIGT. DU ACCEPTERER AT BRUGE DETTE PRODUKT I OVERENSSTEMMELSE MED ALLE GÆLDENDE LOVE, OG DU ER ENEANSVARLIG FOR AT SIKRE, AT DIN BRUG ER I OVERENSSTEMMELSE MED GÆLDENDE LOVGIVNING. DU ER ISÆR ANSVARLIG FOR AT BRUGE DETTE PRODUKT PÅ EN MÅDE, DER IKKE KRÆNKER TREDJEPARTERS RETTIGHEDER, HERUNDER, UDEN BEGRÆNSNING, OFFENTLIGHEDSRETTIGHEDER, IMMATERIELLE RETTIGHEDER ELLER DATABESKYTTELSE OG ANDRE RETTIGHEDER VEDRØRENDE BESKYTTELSE AF PRIVATLIVETS FRED. DU MÅ IKKE BRUGE DETTE PRODUKT TIL FORBUDTE SLUTANVENDELSER, HERUNDER UDVIKLING ELLER PRODUKTION AF MASSEØDELÆGGELSESVÅBEN, UDVIKLING ELLER PRODUKTION AF KEMISKE ELLER BIOLOGISKE VÅBEN, AKTIVITETER I FORBINDELSE MED NUKLEARE SPRÆNGSTOFFER ELLER USIKKER NUKLEAR BRÆNDSELSCYKLUS ELLER TIL STØTTE FOR MENNESKERETTIGHEDSKRÆNKELSER. I TILFÆLDE AF UOVERENSSTEMMELSER MELLEM DENNE VEJLEDNING OG GÆLDENDE LOVGIVNING HAR SIDSTNÆVNTE FORRANG.
